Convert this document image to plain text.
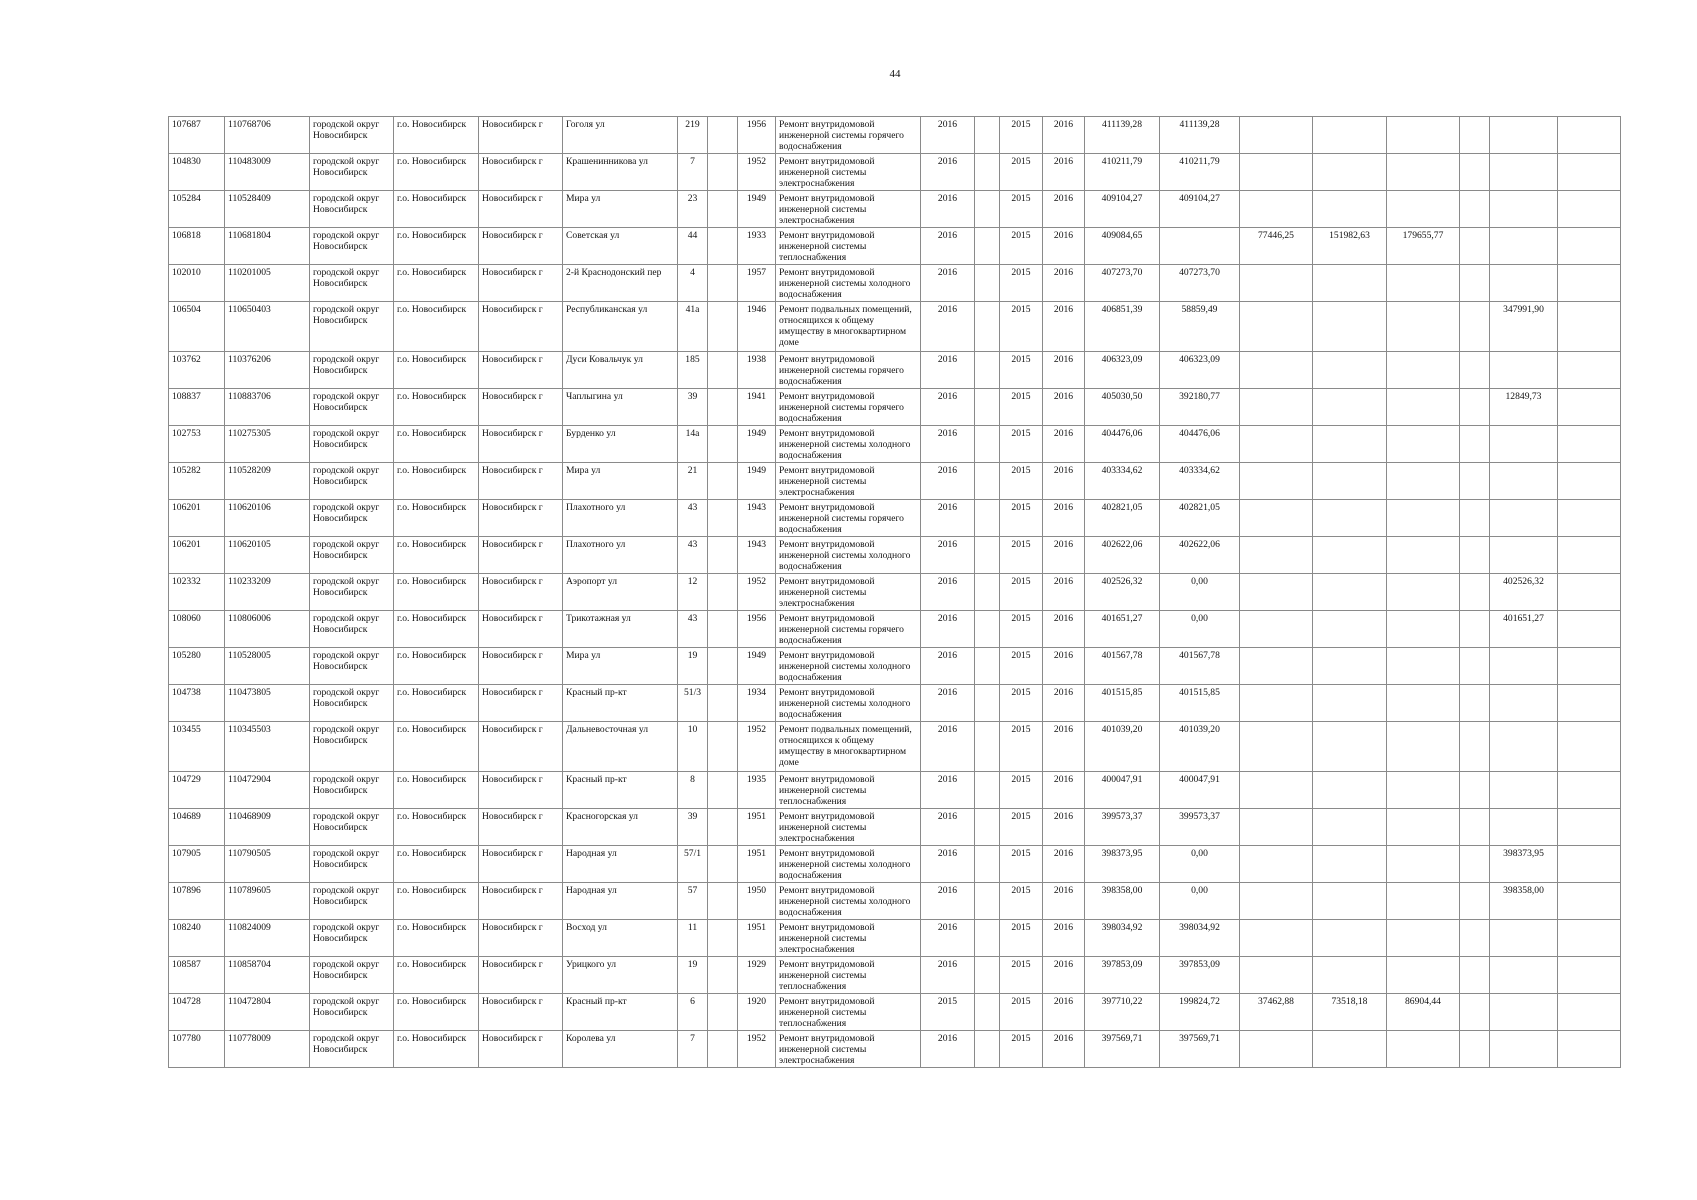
44
107687	110768706	городской округ Новосибирск	г.о. Новосибирск	Новосибирск г	Гоголя ул	219		1956	Ремонт внутридомовой инженерной системы горячего водоснабжения	2016		2015	2016	411139,28	411139,28						
104830	110483009	городской округ Новосибирск	г.о. Новосибирск	Новосибирск г	Крашенинникова ул	7		1952	Ремонт внутридомовой инженерной системы электроснабжения	2016		2015	2016	410211,79	410211,79						
105284	110528409	городской округ Новосибирск	г.о. Новосибирск	Новосибирск г	Мира ул	23		1949	Ремонт внутридомовой инженерной системы электроснабжения	2016		2015	2016	409104,27	409104,27						
106818	110681804	городской округ Новосибирск	г.о. Новосибирск	Новосибирск г	Советская ул	44		1933	Ремонт внутридомовой инженерной системы теплоснабжения	2016		2015	2016	409084,65		77446,25	151982,63	179655,77			
102010	110201005	городской округ Новосибирск	г.о. Новосибирск	Новосибирск г	2-й Краснодонский пер	4		1957	Ремонт внутридомовой инженерной системы холодного водоснабжения	2016		2015	2016	407273,70	407273,70						
106504	110650403	городской округ Новосибирск	г.о. Новосибирск	Новосибирск г	Республиканская ул	41а		1946	Ремонт подвальных помещений, относящихся к общему имуществу в многоквартирном доме	2016		2015	2016	406851,39	58859,49					347991,90	
103762	110376206	городской округ Новосибирск	г.о. Новосибирск	Новосибирск г	Дуси Ковальчук ул	185		1938	Ремонт внутридомовой инженерной системы горячего водоснабжения	2016		2015	2016	406323,09	406323,09						
108837	110883706	городской округ Новосибирск	г.о. Новосибирск	Новосибирск г	Чаплыгина ул	39		1941	Ремонт внутридомовой инженерной системы горячего водоснабжения	2016		2015	2016	405030,50	392180,77					12849,73	
102753	110275305	городской округ Новосибирск	г.о. Новосибирск	Новосибирск г	Бурденко ул	14а		1949	Ремонт внутридомовой инженерной системы холодного водоснабжения	2016		2015	2016	404476,06	404476,06						
105282	110528209	городской округ Новосибирск	г.о. Новосибирск	Новосибирск г	Мира ул	21		1949	Ремонт внутридомовой инженерной системы электроснабжения	2016		2015	2016	403334,62	403334,62						
106201	110620106	городской округ Новосибирск	г.о. Новосибирск	Новосибирск г	Плахотного ул	43		1943	Ремонт внутридомовой инженерной системы горячего водоснабжения	2016		2015	2016	402821,05	402821,05						
106201	110620105	городской округ Новосибирск	г.о. Новосибирск	Новосибирск г	Плахотного ул	43		1943	Ремонт внутридомовой инженерной системы холодного водоснабжения	2016		2015	2016	402622,06	402622,06						
102332	110233209	городской округ Новосибирск	г.о. Новосибирск	Новосибирск г	Аэропорт ул	12		1952	Ремонт внутридомовой инженерной системы электроснабжения	2016		2015	2016	402526,32	0,00					402526,32	
108060	110806006	городской округ Новосибирск	г.о. Новосибирск	Новосибирск г	Трикотажная ул	43		1956	Ремонт внутридомовой инженерной системы горячего водоснабжения	2016		2015	2016	401651,27	0,00					401651,27	
105280	110528005	городской округ Новосибирск	г.о. Новосибирск	Новосибирск г	Мира ул	19		1949	Ремонт внутридомовой инженерной системы холодного водоснабжения	2016		2015	2016	401567,78	401567,78						
104738	110473805	городской округ Новосибирск	г.о. Новосибирск	Новосибирск г	Красный пр-кт	51/3		1934	Ремонт внутридомовой инженерной системы холодного водоснабжения	2016		2015	2016	401515,85	401515,85						
103455	110345503	городской округ Новосибирск	г.о. Новосибирск	Новосибирск г	Дальневосточная ул	10		1952	Ремонт подвальных помещений, относящихся к общему имуществу в многоквартирном доме	2016		2015	2016	401039,20	401039,20						
104729	110472904	городской округ Новосибирск	г.о. Новосибирск	Новосибирск г	Красный пр-кт	8		1935	Ремонт внутридомовой инженерной системы теплоснабжения	2016		2015	2016	400047,91	400047,91						
104689	110468909	городской округ Новосибирск	г.о. Новосибирск	Новосибирск г	Красногорская ул	39		1951	Ремонт внутридомовой инженерной системы электроснабжения	2016		2015	2016	399573,37	399573,37						
107905	110790505	городской округ Новосибирск	г.о. Новосибирск	Новосибирск г	Народная ул	57/1		1951	Ремонт внутридомовой инженерной системы холодного водоснабжения	2016		2015	2016	398373,95	0,00					398373,95	
107896	110789605	городской округ Новосибирск	г.о. Новосибирск	Новосибирск г	Народная ул	57		1950	Ремонт внутридомовой инженерной системы холодного водоснабжения	2016		2015	2016	398358,00	0,00					398358,00	
108240	110824009	городской округ Новосибирск	г.о. Новосибирск	Новосибирск г	Восход ул	11		1951	Ремонт внутридомовой инженерной системы электроснабжения	2016		2015	2016	398034,92	398034,92						
108587	110858704	городской округ Новосибирск	г.о. Новосибирск	Новосибирск г	Урицкого ул	19		1929	Ремонт внутридомовой инженерной системы теплоснабжения	2016		2015	2016	397853,09	397853,09						
104728	110472804	городской округ Новосибирск	г.о. Новосибирск	Новосибирск г	Красный пр-кт	6		1920	Ремонт внутридомовой инженерной системы теплоснабжения	2015		2015	2016	397710,22	199824,72	37462,88	73518,18	86904,44			
107780	110778009	городской округ Новосибирск	г.о. Новосибирск	Новосибирск г	Королева ул	7		1952	Ремонт внутридомовой инженерной системы электроснабжения	2016		2015	2016	397569,71	397569,71						
